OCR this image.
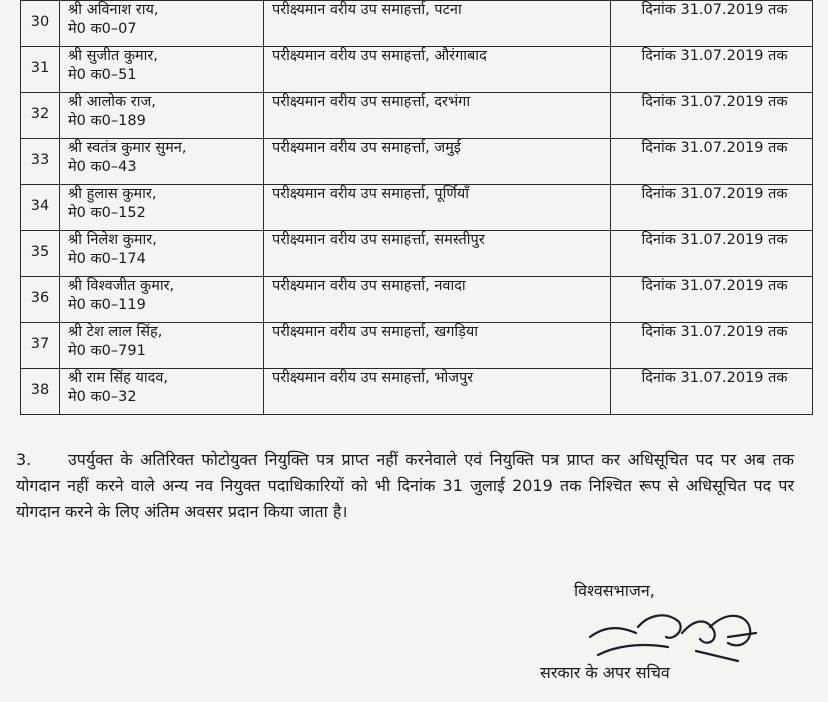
30	श्री अविनाश राय,
मे0 क0–07	परीक्ष्यमान वरीय उप समाहर्त्ता, पटना	दिनांक 31.07.2019 तक
31	श्री सुजीत कुमार,
मे0 क0–51	परीक्ष्यमान वरीय उप समाहर्त्ता, औरंगाबाद	दिनांक 31.07.2019 तक
32	श्री आलोक राज,
मे0 क0–189	परीक्ष्यमान वरीय उप समाहर्त्ता, दरभंगा	दिनांक 31.07.2019 तक
33	श्री स्वतंत्र कुमार सुमन,
मे0 क0–43	परीक्ष्यमान वरीय उप समाहर्त्ता, जमुई	दिनांक 31.07.2019 तक
34	श्री हुलास कुमार,
मे0 क0–152	परीक्ष्यमान वरीय उप समाहर्त्ता, पूर्णियाँ	दिनांक 31.07.2019 तक
35	श्री निलेश कुमार,
मे0 क0–174	परीक्ष्यमान वरीय उप समाहर्त्ता, समस्तीपुर	दिनांक 31.07.2019 तक
36	श्री विश्वजीत कुमार,
मे0 क0–119	परीक्ष्यमान वरीय उप समाहर्त्ता, नवादा	दिनांक 31.07.2019 तक
37	श्री टेश लाल सिंह,
मे0 क0–791	परीक्ष्यमान वरीय उप समाहर्त्ता, खगड़िया	दिनांक 31.07.2019 तक
38	श्री राम सिंह यादव,
मे0 क0–32	परीक्ष्यमान वरीय उप समाहर्त्ता, भोजपुर	दिनांक 31.07.2019 तक
3. उपर्युक्त के अतिरिक्त फोटोयुक्त नियुक्ति पत्र प्राप्त नहीं करनेवाले एवं नियुक्ति पत्र प्राप्त कर अधिसूचित पद पर अब तक योगदान नहीं करने वाले अन्य नव नियुक्त पदाधिकारियों को भी दिनांक 31 जुलाई 2019 तक निश्चित रूप से अधिसूचित पद पर योगदान करने के लिए अंतिम अवसर प्रदान किया जाता है।
विश्वसभाजन,
सरकार के अपर सचिव
